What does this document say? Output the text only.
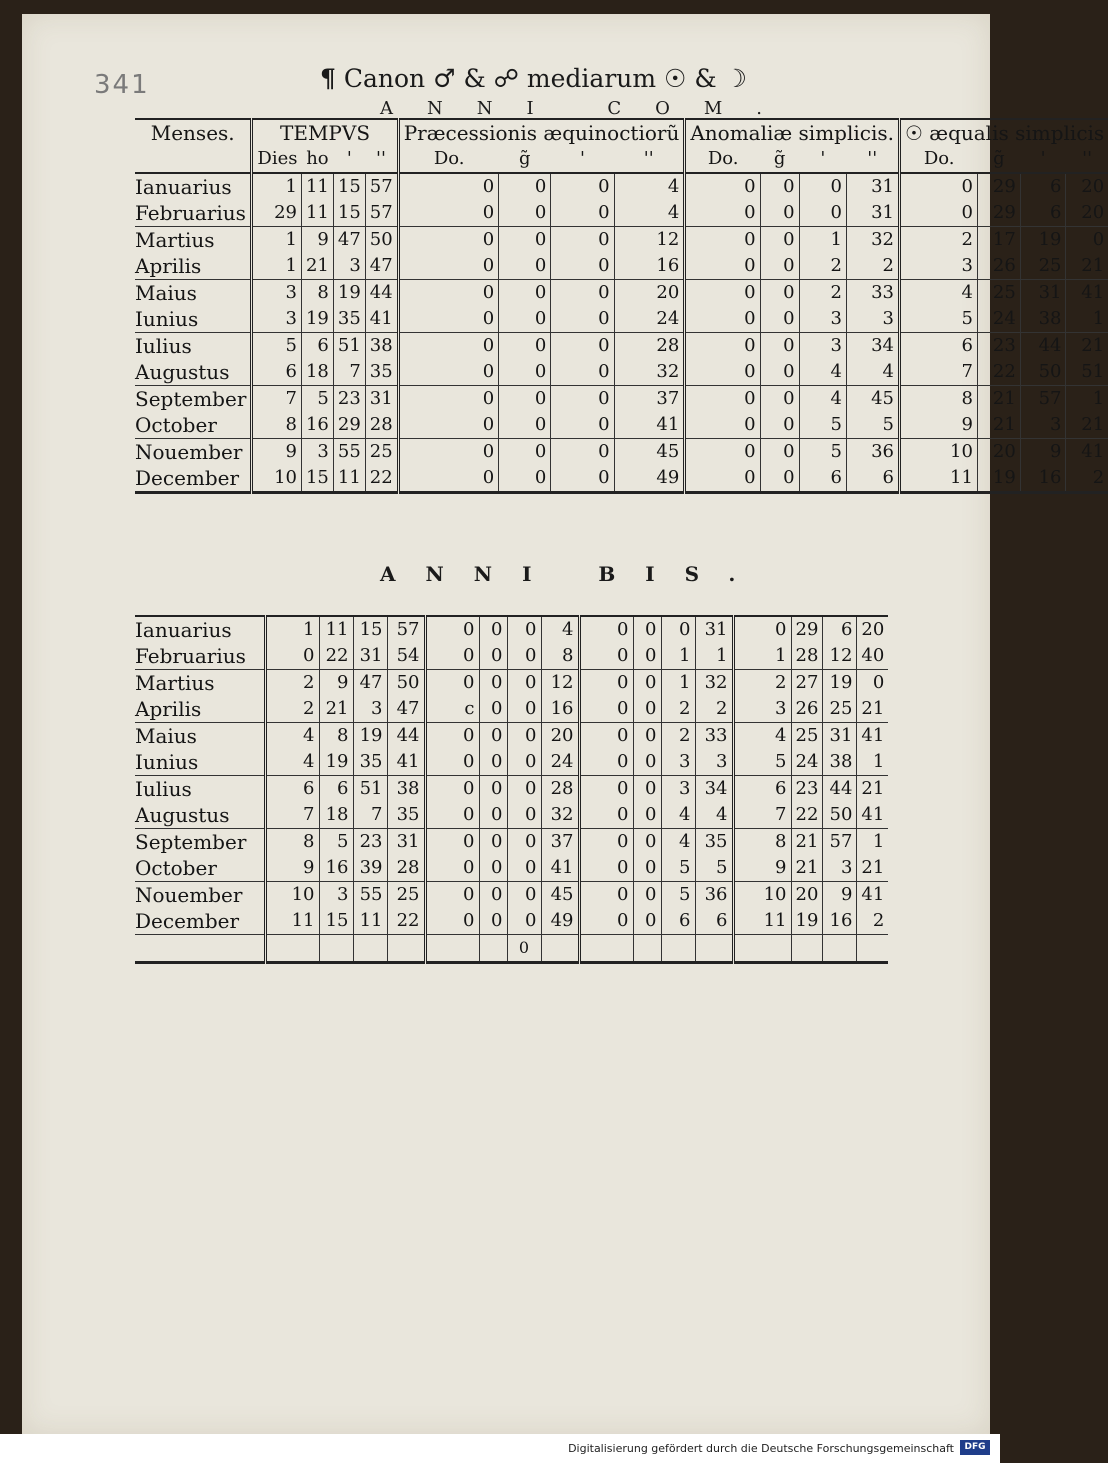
341	¶ Canon ♂ & ☍ mediarum ☉ & ☽
ANNI COM.
Menses.	TEMPVS				Præcessionis æquinoctiorũ				Anomaliæ simplicis.				☉ æqualis simplicis			
	Dies	ho	'	''	Do.	g̃	'	''	Do.	g̃	'	''	Do.	g̃	'	''
Ianuarius	1	11	15	57	0	0	0	4	0	0	0	31	0	29	6	20
Februarius	29	11	15	57	0	0	0	4	0	0	0	31	0	29	6	20
Martius	1	9	47	50	0	0	0	12	0	0	1	32	2	17	19	0
Aprilis	1	21	3	47	0	0	0	16	0	0	2	2	3	26	25	21
Maius	3	8	19	44	0	0	0	20	0	0	2	33	4	25	31	41
Iunius	3	19	35	41	0	0	0	24	0	0	3	3	5	24	38	1
Iulius	5	6	51	38	0	0	0	28	0	0	3	34	6	23	44	21
Augustus	6	18	7	35	0	0	0	32	0	0	4	4	7	22	50	51
September	7	5	23	31	0	0	0	37	0	0	4	45	8	21	57	1
October	8	16	29	28	0	0	0	41	0	0	5	5	9	21	3	21
Nouember	9	3	55	25	0	0	0	45	0	0	5	36	10	20	9	41
December	10	15	11	22	0	0	0	49	0	0	6	6	11	19	16	2
ANNI BIS.
Ianuarius	1	11	15	57	0	0	0	4	0	0	0	31	0	29	6	20
Februarius	0	22	31	54	0	0	0	8	0	0	1	1	1	28	12	40
Martius	2	9	47	50	0	0	0	12	0	0	1	32	2	27	19	0
Aprilis	2	21	3	47	c	0	0	16	0	0	2	2	3	26	25	21
Maius	4	8	19	44	0	0	0	20	0	0	2	33	4	25	31	41
Iunius	4	19	35	41	0	0	0	24	0	0	3	3	5	24	38	1
Iulius	6	6	51	38	0	0	0	28	0	0	3	34	6	23	44	21
Augustus	7	18	7	35	0	0	0	32	0	0	4	4	7	22	50	41
September	8	5	23	31	0	0	0	37	0	0	4	35	8	21	57	1
October	9	16	39	28	0	0	0	41	0	0	5	5	9	21	3	21
Nouember	10	3	55	25	0	0	0	45	0	0	5	36	10	20	9	41
December	11	15	11	22	0	0	0	49	0	0	6	6	11	19	16	2
							0									
Digitalisierung gefördert durch die Deutsche Forschungsgemeinschaft	DFG
